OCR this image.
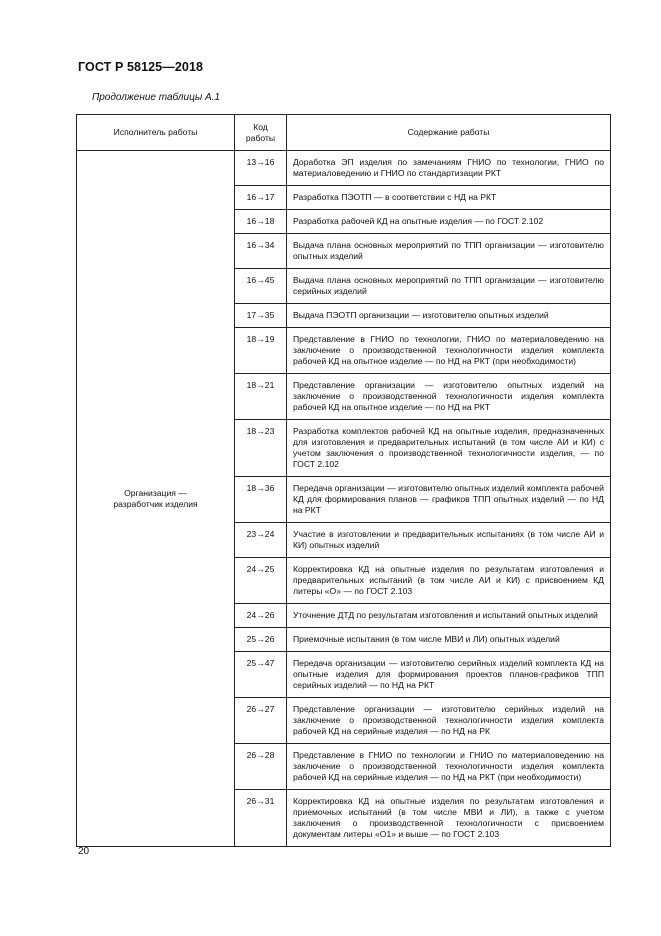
ГОСТ Р 58125—2018
Продолжение таблицы А.1
Исполнитель работы	Код работы	Содержание работы

Организация — разработчик изделия	13→16	Доработка ЭП изделия по замечаниям ГНИО по технологии, ГНИО по материаловедению и ГНИО по стандартизации РКТ
	16→17	Разработка ПЭОТП — в соответствии с НД на РКТ
	16→18	Разработка рабочей КД на опытные изделия — по ГОСТ 2.102
	16→34	Выдача плана основных мероприятий по ТПП организации — изготовителю опытных изделий
	16→45	Выдача плана основных мероприятий по ТПП организации — изготовителю серийных изделий
	17→35	Выдача ПЭОТП организации — изготовителю опытных изделий
	18→19	Представление в ГНИО по технологии, ГНИО по материаловедению на заключение о производственной технологичности изделия комплекта рабочей КД на опытное изделие — по НД на РКТ (при необходимости)
	18→21	Представление организации — изготовителю опытных изделий на заключение о производственной технологичности изделия комплекта рабочей КД на опытное изделие — по НД на РКТ
	18→23	Разработка комплектов рабочей КД на опытные изделия, предназначенных для изготовления и предварительных испытаний (в том числе АИ и КИ) с учетом заключения о производственной технологичности изделия, — по ГОСТ 2.102
	18→36	Передача организации — изготовителю опытных изделий комплекта рабочей КД для формирования планов — графиков ТПП опытных изделий — по НД на РКТ
	23→24	Участие в изготовлении и предварительных испытаниях (в том числе АИ и КИ) опытных изделий
	24→25	Корректировка КД на опытные изделия по результатам изготовления и предварительных испытаний (в том числе АИ и КИ) с присвоением КД литеры «О» — по ГОСТ 2.103
	24→26	Уточнение ДТД по результатам изготовления и испытаний опытных изделий
	25→26	Приемочные испытания (в том числе МВИ и ЛИ) опытных изделий
	25→47	Передача организации — изготовителю серийных изделий комплекта КД на опытные изделия для формирования проектов планов-графиков ТПП серийных изделий — по НД на РКТ
	26→27	Представление организации — изготовителю серийных изделий на заключение о производственной технологичности изделия комплекта рабочей КД на серийные изделия — по НД на РК
	26→28	Представление в ГНИО по технологии и ГНИО по материаловедению на заключение о производственной технологичности изделия комплекта рабочей КД на серийные изделия — по НД на РКТ (при необходимости)
	26→31	Корректировка КД на опытные изделия по результатам изготовления и приемочных испытаний (в том числе МВИ и ЛИ), а также с учетом заключения о производственной технологичности с присвоением документам литеры «О1» и выше — по ГОСТ 2.103
20
